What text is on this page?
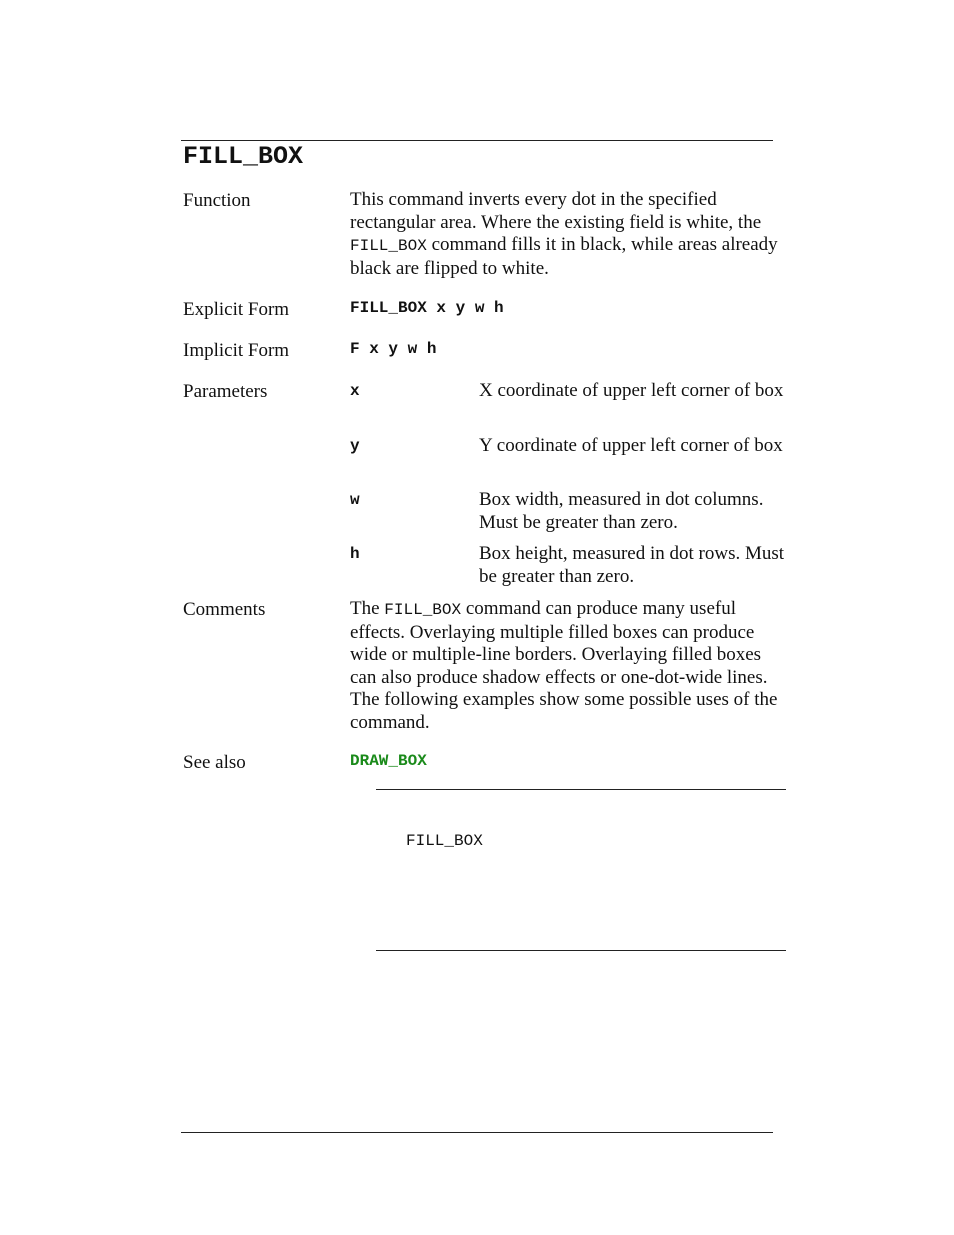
FILL_BOX
Function	This command inverts every dot in the specified rectangular area. Where the existing field is white, the FILL_BOX command fills it in black, while areas already black are flipped to white.
Explicit Form	FILL_BOX x y w h
Implicit Form	F x y w h
Parameters	x	X coordinate of upper left corner of box
y	Y coordinate of upper left corner of box
w	Box width, measured in dot columns. Must be greater than zero.
h	Box height, measured in dot rows. Must be greater than zero.
Comments	The FILL_BOX command can produce many useful effects. Overlaying multiple filled boxes can produce wide or multiple-line borders. Overlaying filled boxes can also produce shadow effects or one-dot-wide lines. The following examples show some possible uses of the command.
See also	DRAW_BOX
FILL_BOX
